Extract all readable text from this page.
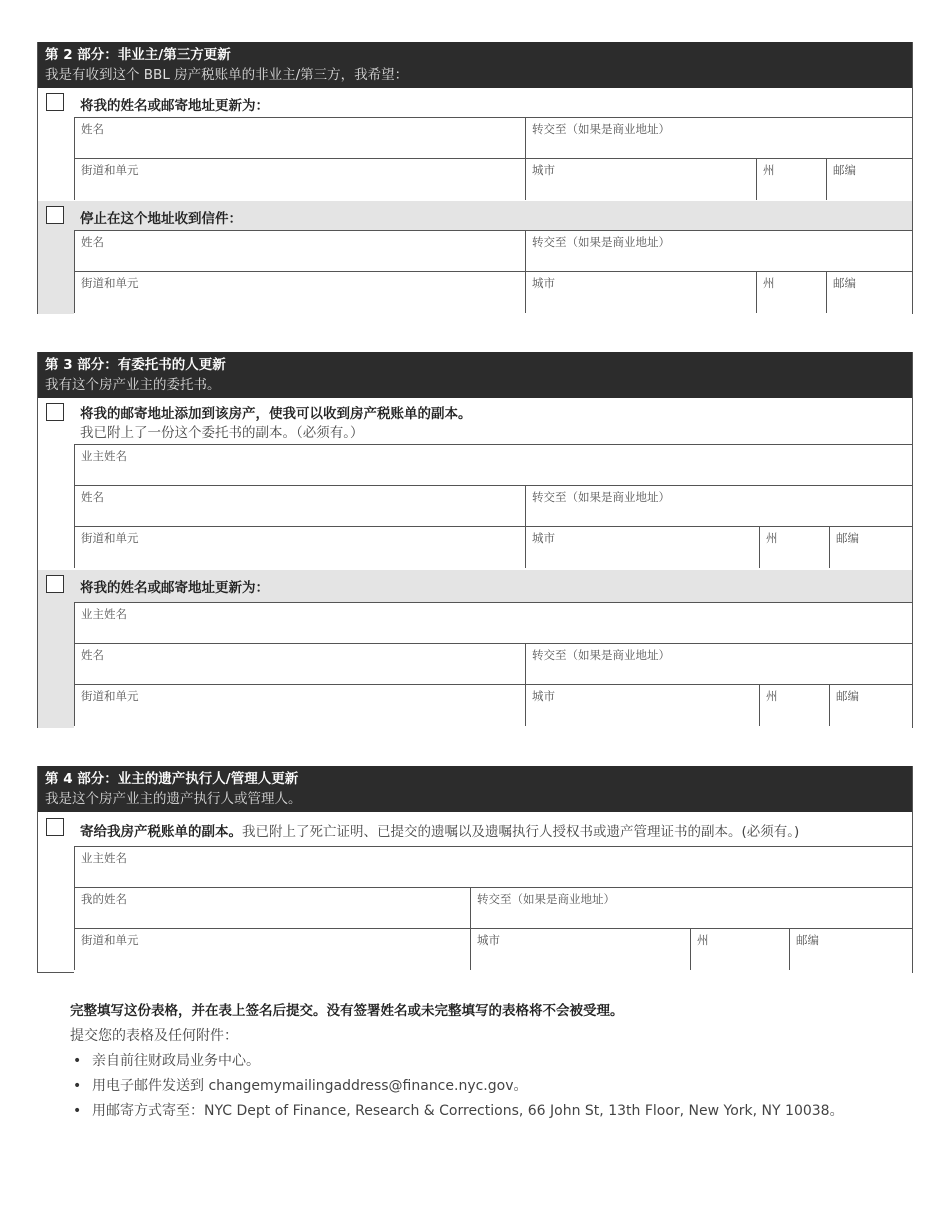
第 2 部分：非业主/第三方更新
我是有收到这个 BBL 房产税账单的非业主/第三方，我希望：
将我的姓名或邮寄地址更新为：
姓名	转交至（如果是商业地址）
街道和单元	城市	州	邮编
停止在这个地址收到信件：
姓名	转交至（如果是商业地址）
街道和单元	城市	州	邮编
第 3 部分：有委托书的人更新
我有这个房产业主的委托书。
将我的邮寄地址添加到该房产，使我可以收到房产税账单的副本。
我已附上了一份这个委托书的副本。（必须有。）
业主姓名
姓名	转交至（如果是商业地址）
街道和单元	城市	州	邮编
将我的姓名或邮寄地址更新为：
业主姓名
姓名	转交至（如果是商业地址）
街道和单元	城市	州	邮编
第 4 部分：业主的遗产执行人/管理人更新
我是这个房产业主的遗产执行人或管理人。
寄给我房产税账单的副本。我已附上了死亡证明、已提交的遗嘱以及遗嘱执行人授权书或遗产管理证书的副本。(必须有。)
业主姓名
我的姓名	转交至（如果是商业地址）
街道和单元	城市	州	邮编
完整填写这份表格，并在表上签名后提交。没有签署姓名或未完整填写的表格将不会被受理。
提交您的表格及任何附件：
• 亲自前往财政局业务中心。
• 用电子邮件发送到 changemymailingaddress@finance.nyc.gov。
• 用邮寄方式寄至：NYC Dept of Finance, Research & Corrections, 66 John St, 13th Floor, New York, NY 10038。
